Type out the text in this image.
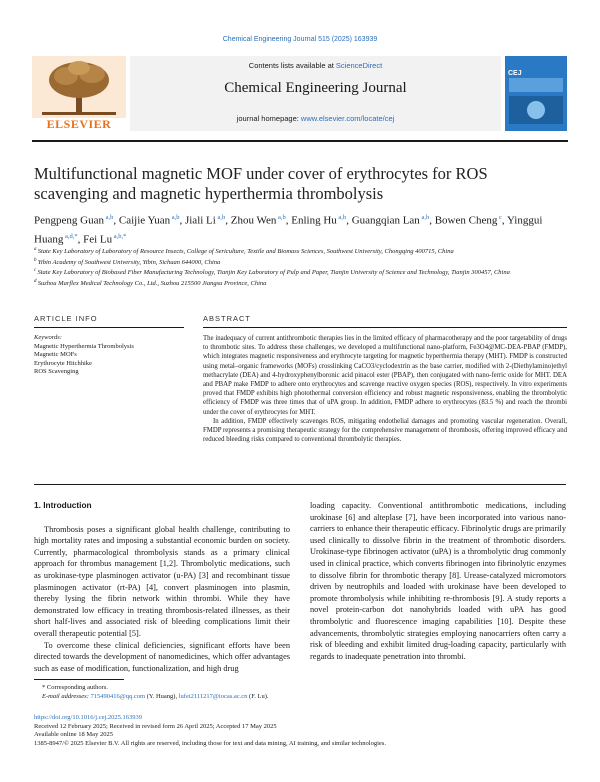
Chemical Engineering Journal 515 (2025) 163939
ELSEVIER
Contents lists available at ScienceDirect
Chemical Engineering Journal
journal homepage: www.elsevier.com/locate/cej
CEJ
Multifunctional magnetic MOF under cover of erythrocytes for ROS scavenging and magnetic hyperthermia thrombolysis
Pengpeng Guan $^{a,b}$, Caijie Yuan $^{a,b}$, Jiali Li $^{a,b}$, Zhou Wen $^{a,b}$, Enling Hu $^{a,b}$, Guangqian Lan $^{a,b}$, Bowen Cheng $^c$, Yinggui Huang $^{a,d,*}$, Fei Lu $^{a,b,*}$
$^a$ State Key Laboratory of Laboratory of Resource Insects, College of Sericulture, Textile and Biomass Sciences, Southwest University, Chongqing 400715, China
$^b$ Yibin Academy of Southwest University, Yibin, Sichuan 644000, China
$^c$ State Key Laboratory of Biobased Fiber Manufacturing Technology, Tianjin Key Laboratory of Pulp and Paper, Tianjin University of Science and Technology, Tianjin 300457, China
$^d$ Suzhou Marflex Medical Technology Co., Ltd., Suzhou 215500 Jiangsu Province, China
ARTICLE INFO	ABSTRACT
Keywords:
Magnetic Hyperthermia Thrombolysis
Magnetic MOFs
Erythrocyte Hitchhike
ROS Scavenging

The inadequacy of current antithrombotic therapies lies in the limited efficacy of pharmacotherapy and the poor targetability of drugs to thrombotic sites. To address these challenges, we developed a multifunctional nano-platform, Fe3O4@MC-DEA-PBAP (FMDP), which integrates magnetic responsiveness and erythrocyte targeting for magnetic hyperthermia therapy (MHT). FMDP is constructed using metal–organic frameworks (MOFs) crosslinking CaCO3/cyclodextrin as the base carrier, modified with 2-(Diethylamino)ethyl methacrylate (DEA) and 4-hydroxyphenylboronic acid pinacol ester (PBAP), then conjugated with nano-ferric oxide for MHT. DEA and PBAP make FMDP to adhere onto erythrocytes and scavenge reactive oxygen species (ROS), respectively. In vitro experiments proved that FMDP exhibits high photothermal conversion efficiency and robust magnetic responsiveness, enabling the thrombolytic efficiency of FMDP was three times that of uPA group. In addition, FMDP adhere to erythrocytes (83.5 %) and reach the thrombi under the cover of erythrocytes for MHT.

In addition, FMDP effectively scavenges ROS, mitigating endothelial damages and promoting vascular regeneration. Overall, FMDP represents a promising therapeutic strategy for the comprehensive management of thrombosis, offering improved efficacy and reduced bleeding risks compared to conventional thrombolytic therapies.

1. Introduction

Thrombosis poses a significant global health challenge, contributing to high mortality rates and imposing a substantial economic burden on society. Currently, pharmacological thrombolysis stands as a primary clinical approach for thrombus management [1,2]. Thrombolytic medications, such as urokinase-type plasminogen activator (u-PA) [3] and recombinant tissue plasminogen activator (rt-PA) [4], convert plasminogen into plasmin, thereby lysing the fibrin network within thrombi. While they have demonstrated low efficacy in treating thrombosis-related illnesses, as their short half-lives and associated risk of bleeding complications limit their overall therapeutic potential [5].

To overcome these clinical deficiencies, significant efforts have been directed towards the development of nanomedicines, which offer advantages such as ease of modification, functionalization, and high drug

loading capacity. Conventional antithrombotic medications, including urokinase [6] and alteplase [7], have been incorporated into various nano-carriers to enhance their therapeutic efficacy. Fibrinolytic drugs are primarily used clinically to dissolve fibrin in the treatment of thrombotic disorders. Urokinase-type fibrinogen activator (uPA) is a thrombolytic drug commonly used in clinical practice, which converts fibrinogen into fibrinolytic enzymes to dissolve fibrin for thrombotic therapy [8]. Urease-catalyzed micromotors driven by neutrophils and loaded with urokinase have been developed to promote thrombolysis while inhibiting re-thrombosis [9]. A study reports a novel protein-carbon dot nanohybrids loaded with uPA has good thrombolytic and fluorescence imaging capabilities [10]. Despite these advancements, thrombolytic strategies employing nanocarriers often carry a risk of bleeding and exhibit limited drug-loading capacity, particularly with regards to inadequate penetration into thrombi.

* Corresponding authors.
E-mail addresses: 715490416@qq.com (Y. Huang), lufei2111217@iocas.ac.cn (F. Lu).
https://doi.org/10.1016/j.cej.2025.163939
Received 12 February 2025; Received in revised form 26 April 2025; Accepted 17 May 2025
Available online 18 May 2025
1385-8947/© 2025 Elsevier B.V. All rights are reserved, including those for text and data mining, AI training, and similar technologies.
